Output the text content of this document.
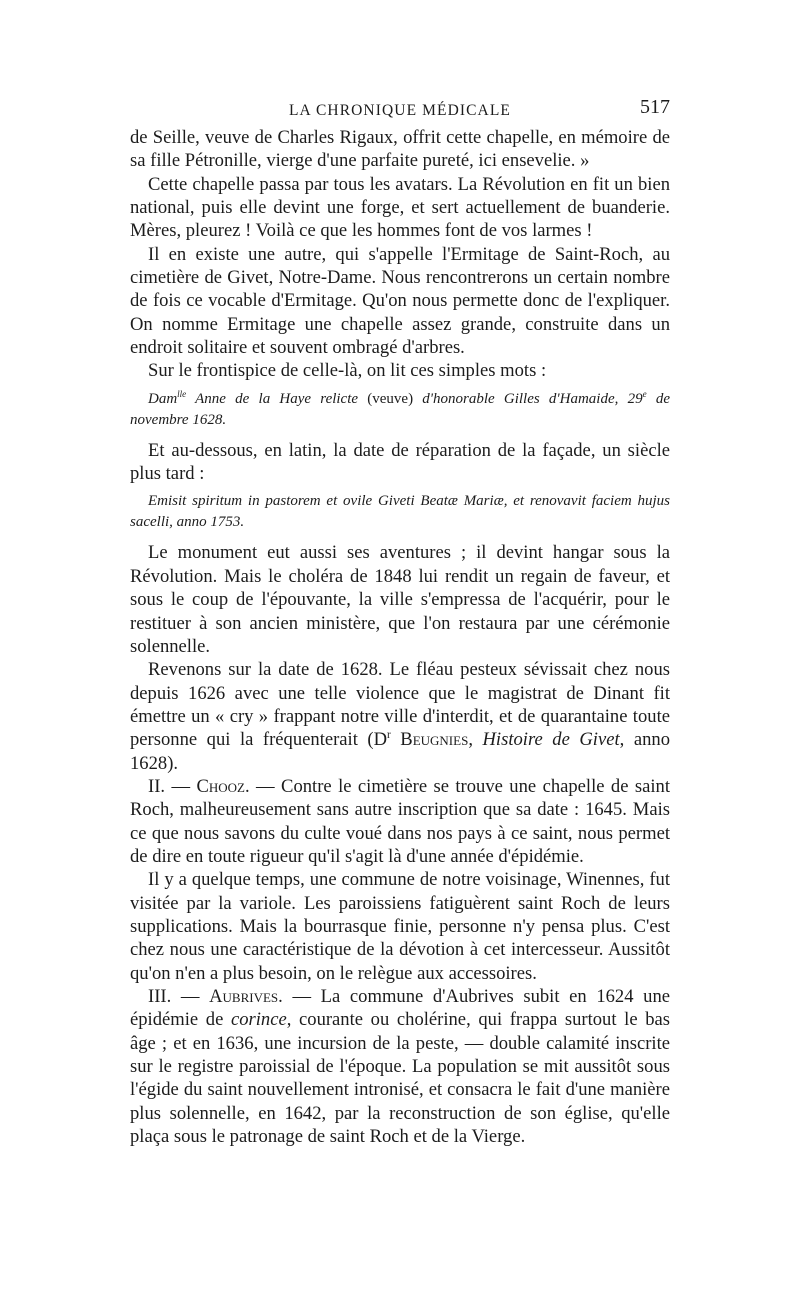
LA CHRONIQUE MÉDICALE	517

de Seille, veuve de Charles Rigaux, offrit cette chapelle, en mémoire de sa fille Pétronille, vierge d'une parfaite pureté, ici ensevelie. »

Cette chapelle passa par tous les avatars. La Révolution en fit un bien national, puis elle devint une forge, et sert actuellement de buanderie. Mères, pleurez ! Voilà ce que les hommes font de vos larmes !

Il en existe une autre, qui s'appelle l'Ermitage de Saint-Roch, au cimetière de Givet, Notre-Dame. Nous rencontrerons un certain nombre de fois ce vocable d'Ermitage. Qu'on nous permette donc de l'expliquer. On nomme Ermitage une chapelle assez grande, construite dans un endroit solitaire et souvent ombragé d'arbres.

Sur le frontispice de celle-là, on lit ces simples mots :

Dam$^{lle}$ Anne de la Haye relicte (veuve) d'honorable Gilles d'Hamaide, 29e de novembre 1628.

Et au-dessous, en latin, la date de réparation de la façade, un siècle plus tard :

Emisit spiritum in pastorem et ovile Giveti Beatæ Mariæ, et renovavit faciem hujus sacelli, anno 1753.

Le monument eut aussi ses aventures ; il devint hangar sous la Révolution. Mais le choléra de 1848 lui rendit un regain de faveur, et sous le coup de l'épouvante, la ville s'empressa de l'acquérir, pour le restituer à son ancien ministère, que l'on restaura par une cérémonie solennelle.

Revenons sur la date de 1628. Le fléau pesteux sévissait chez nous depuis 1626 avec une telle violence que le magistrat de Dinant fit émettre un « cry » frappant notre ville d'interdit, et de quarantaine toute personne qui la fréquenterait ($D^r$ Beugnies, Histoire de Givet, anno 1628).

II. — Chooz. — Contre le cimetière se trouve une chapelle de saint Roch, malheureusement sans autre inscription que sa date : 1645. Mais ce que nous savons du culte voué dans nos pays à ce saint, nous permet de dire en toute rigueur qu'il s'agit là d'une année d'épidémie.

Il y a quelque temps, une commune de notre voisinage, Winennes, fut visitée par la variole. Les paroissiens fatiguèrent saint Roch de leurs supplications. Mais la bourrasque finie, personne n'y pensa plus. C'est chez nous une caractéristique de la dévotion à cet intercesseur. Aussitôt qu'on n'en a plus besoin, on le relègue aux accessoires.

III. — Aubrives. — La commune d'Aubrives subit en 1624 une épidémie de corince, courante ou cholérine, qui frappa surtout le bas âge ; et en 1636, une incursion de la peste, — double calamité inscrite sur le registre paroissial de l'époque. La population se mit aussitôt sous l'égide du saint nouvellement intronisé, et consacra le fait d'une manière plus solennelle, en 1642, par la reconstruction de son église, qu'elle plaça sous le patronage de saint Roch et de la Vierge.
